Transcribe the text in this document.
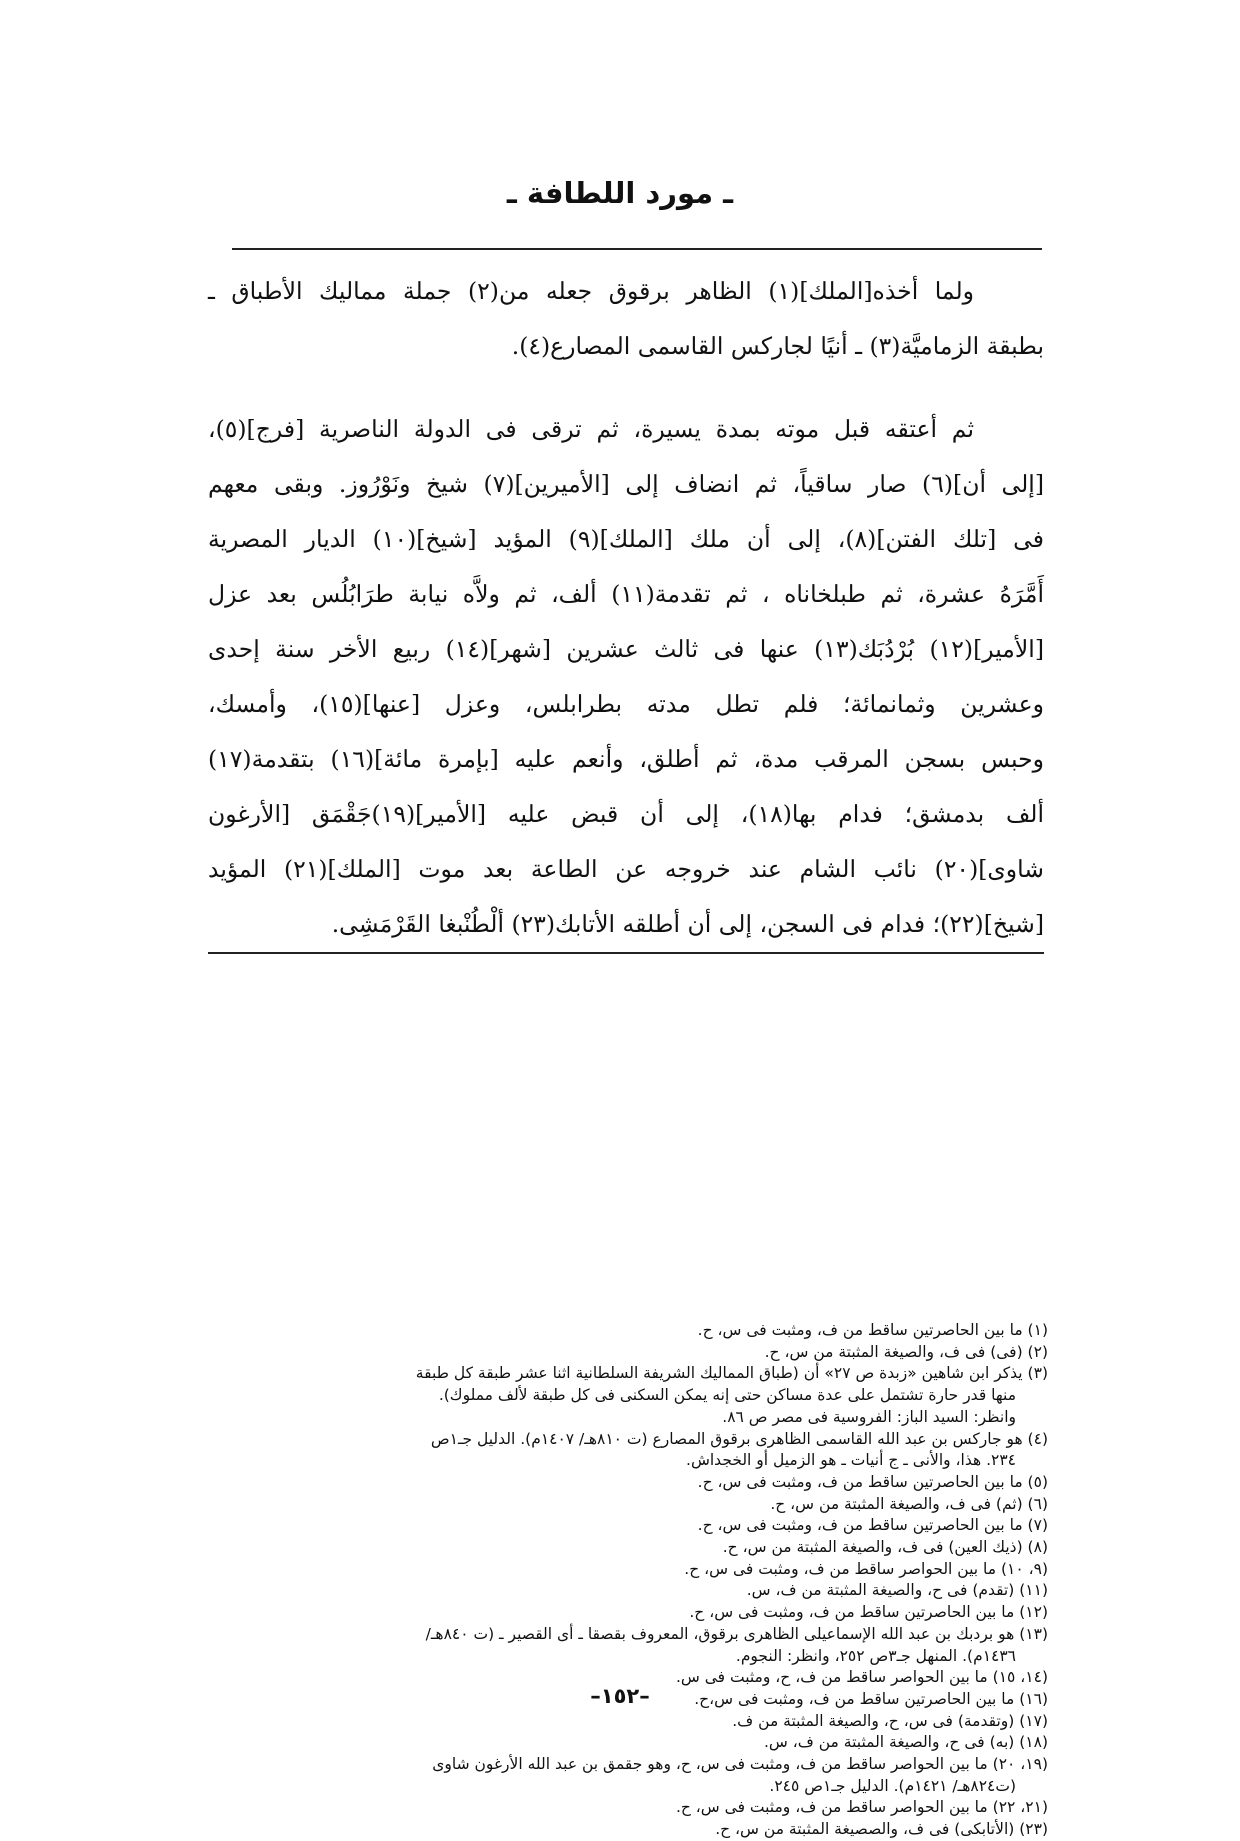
ـ مورد اللطافة ـ

ولما أخذه[الملك](١) الظاهر برقوق جعله من(٢) جملة مماليك الأطباق ـ
بطبقة الزماميَّة(٣) ـ أنيًا لجاركس القاسمى المصارع(٤).

ثم أعتقه قبل موته بمدة يسيرة، ثم ترقى فى الدولة الناصرية [فرج](٥)،
[إلى أن](٦) صار ساقياً، ثم انضاف إلى [الأميرين](٧) شيخ ونَوْرُوز. وبقى معهم
فى [تلك الفتن](٨)، إلى أن ملك [الملك](٩) المؤيد [شيخ](١٠) الديار المصرية
أَمَّرَهُ عشرة، ثم طبلخاناه ، ثم تقدمة(١١) ألف، ثم ولاَّه نيابة طرَابُلُس بعد عزل
[الأمير](١٢) بُرْدُبَك(١٣) عنها فى ثالث عشرين [شهر](١٤) ربيع الأخر سنة إحدى
وعشرين وثمانمائة؛ فلم تطل مدته بطرابلس، وعزل [عنها](١٥)، وأمسك،
وحبس بسجن المرقب مدة، ثم أطلق، وأنعم عليه [بإمرة مائة](١٦) بتقدمة(١٧)
ألف بدمشق؛ فدام بها(١٨)، إلى أن قبض عليه [الأمير](١٩)جَقْمَق [الأرغون
شاوى](٢٠) نائب الشام عند خروجه عن الطاعة بعد موت [الملك](٢١) المؤيد
[شيخ](٢٢)؛ فدام فى السجن، إلى أن أطلقه الأتابك(٢٣) ألْطُنْبغا القَرْمَشِى.

(١) ما بين الحاصرتين ساقط من ف، ومثبت فى س، ح.
(٢) (فى) فى ف، والصيغة المثبتة من س، ح.
(٣) يذكر ابن شاهين «زبدة ص ٢٧» أن (طباق المماليك الشريفة السلطانية اثنا عشر طبقة كل طبقة
منها قدر حارة تشتمل على عدة مساكن حتى إنه يمكن السكنى فى كل طبقة لألف مملوك).
وانظر: السيد الباز: الفروسية فى مصر ص ٨٦.
(٤) هو جاركس بن عبد الله القاسمى الظاهرى برقوق المصارع (ت ٨١٠هـ/ ١٤٠٧م). الدليل جـ١ص
٢٣٤. هذا، والأنى ـ ج أنيات ـ هو الزميل أو الخجداش.
(٥) ما بين الحاصرتين ساقط من ف، ومثبت فى س، ح.
(٦) (ثم) فى ف، والصيغة المثبتة من س، ح.
(٧) ما بين الحاصرتين ساقط من ف، ومثبت فى س، ح.
(٨) (ذيك العين) فى ف، والصيغة المثبتة من س، ح.
(٩، ١٠) ما بين الحواصر ساقط من ف، ومثبت فى س، ح.
(١١) (تقدم) فى ح، والصيغة المثبتة من ف، س.
(١٢) ما بين الحاصرتين ساقط من ف، ومثبت فى س، ح.
(١٣) هو بردبك بن عبد الله الإسماعيلى الظاهرى برقوق، المعروف بقصقا ـ أى القصير ـ (ت ٨٤٠هـ/
١٤٣٦م). المنهل جـ٣ص ٢٥٢، وانظر: النجوم.
(١٤، ١٥) ما بين الحواصر ساقط من ف، ح، ومثبت فى س.
(١٦) ما بين الحاصرتين ساقط من ف، ومثبت فى س،ح.
(١٧) (وتقدمة) فى س، ح، والصيغة المثبتة من ف.
(١٨) (به) فى ح، والصيغة المثبتة من ف، س.
(١٩، ٢٠) ما بين الحواصر ساقط من ف، ومثبت فى س، ح، وهو جقمق بن عبد الله الأرغون شاوى
(ت٨٢٤هـ/ ١٤٢١م). الدليل جـ١ص ٢٤٥.
(٢١، ٢٢) ما بين الحواصر ساقط من ف، ومثبت فى س، ح.
(٢٣) (الأتابكى) فى ف، والصصيغة المثبتة من س، ح.
–١٥٢–
